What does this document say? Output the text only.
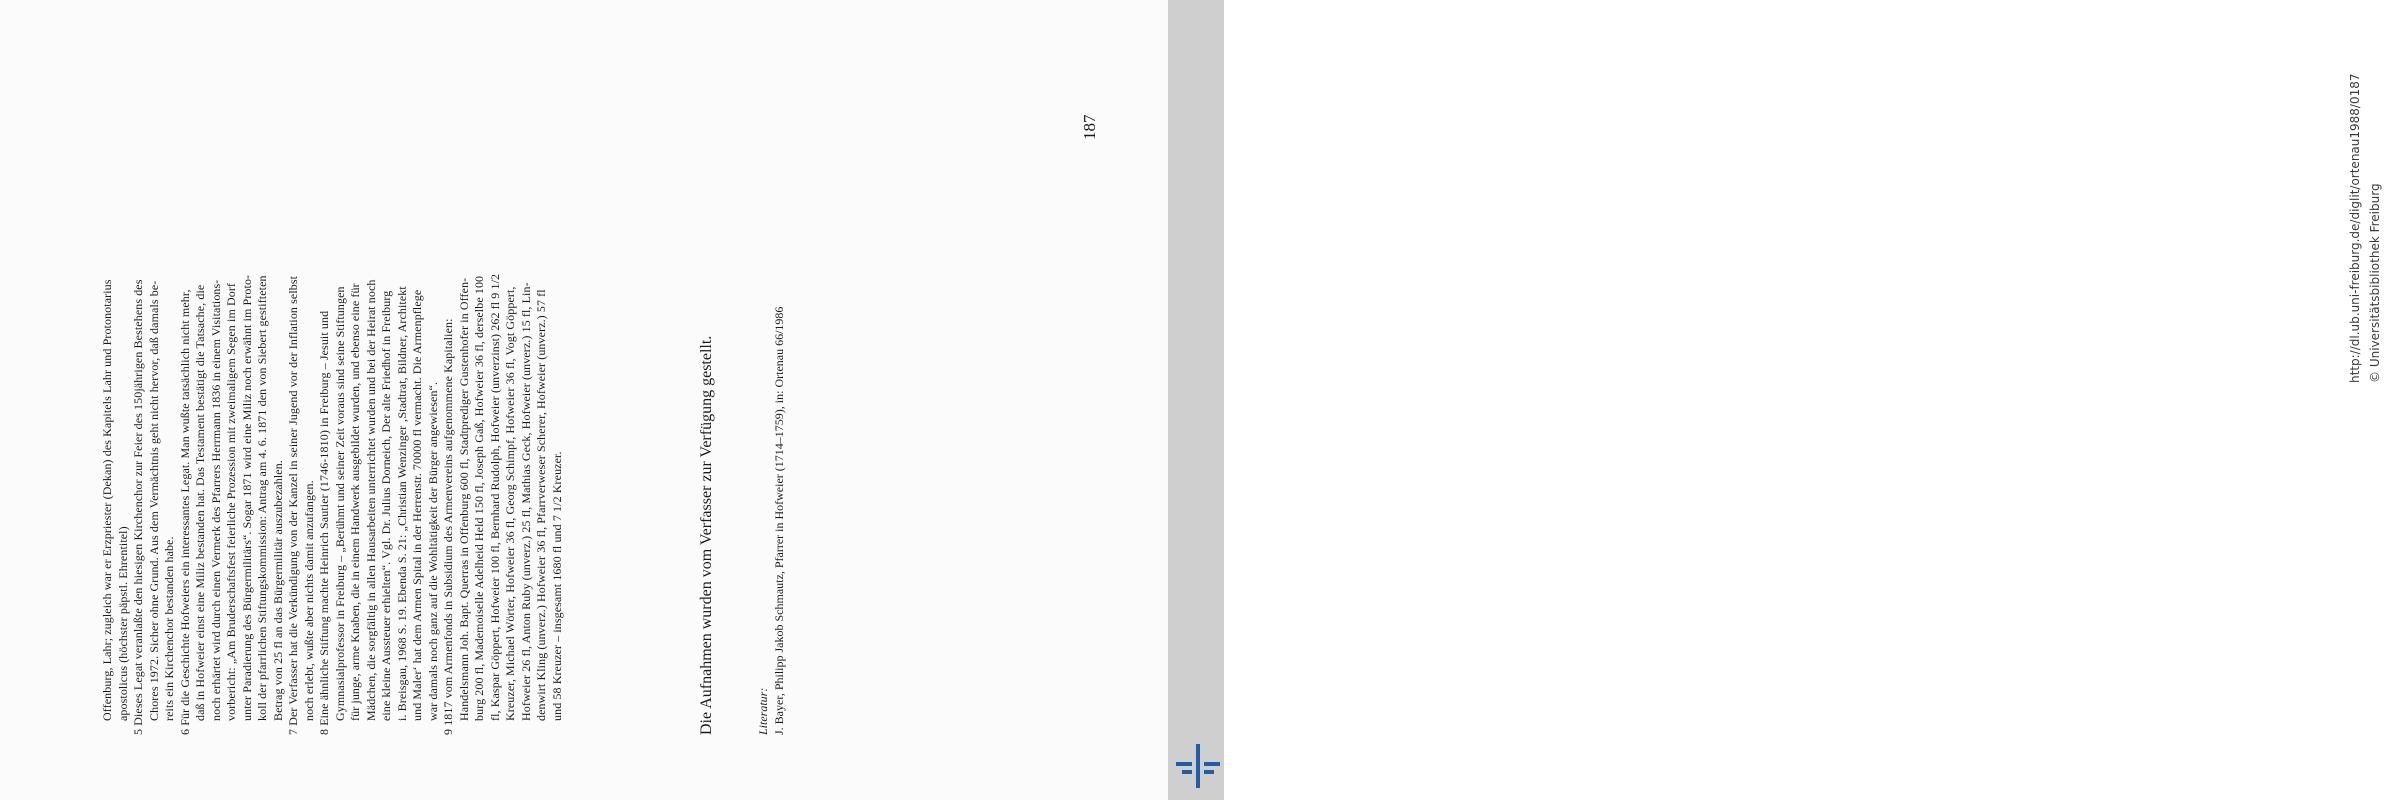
Offenburg, Lahr; zugleich war er Erzpriester (Dekan) des Kapitels Lahr und Protonotarius apostolicus (höchster päpstl. Ehrentitel) 5 Dieses Legat veranlaßte den hiesigen Kirchenchor zur Feier des 150jährigen Bestehens des Chores 1972. Sicher ohne Grund. Aus dem Vermächtnis geht nicht hervor, daß damals be- reits ein Kirchenchor bestanden habe. 6 Für die Geschichte Hofweiers ein interessantes Legat. Man wußte tatsächlich nicht mehr, daß in Hofweier einst eine Miliz bestanden hat. Das Testament bestätigt die Tatsache, die noch erhärtet wird durch einen Vermerk des Pfarrers Herrmann 1836 in einem Visitations- vorbericht: „Am Bruderschaftsfest feierliche Prozession mit zweimaligem Segen im Dorf unter Paradierung des Bürgermilitärs“. Sogar 1871 wird eine Miliz noch erwähnt im Proto- koll der pfarrlichen Stiftungskommission: Antrag am 4. 6. 1871 den von Siebert gestifteten Betrag von 25 fl an das Bürgermilitär auszubezahlen. 7 Der Verfasser hat die Verkündigung von der Kanzel in seiner Jugend vor der Inflation selbst noch erlebt, wußte aber nichts damit anzufangen. 8 Eine ähnliche Stiftung machte Heinrich Sautier (1746-1810) in Freiburg – Jesuit und Gymnasialprofessor in Freiburg – „Berühmt und seiner Zeit voraus sind seine Stiftungen für junge, arme Knaben, die in einem Handwerk ausgebildet wurden, und ebenso eine für Mädchen, die sorgfältig in allen Hausarbeiten unterrichtet wurden und bei der Heirat noch eine kleine Aussteuer erhielten“. Vgl. Dr. Julius Dorneich, Der alte Friedhof in Freiburg i. Breisgau, 1968 S. 19. Ebenda S. 21: „Christian Wenzinger ‚Stadtrat, Bildner, Architekt und Maler‘ hat dem Armen Spital in der Herrenstr. 70000 fl vermacht. Die Armenpflege war damals noch ganz auf die Wohltätigkeit der Bürger angewiesen“. 9 1817 vom Armenfonds in Subsidium des Armenvereins aufgenommene Kapitalien: Handelsmann Joh. Bapt. Querras in Offenburg 600 fl, Stadtprediger Gustenhofer in Offen- burg 200 fl, Mademoiselle Adelheid Held 150 fl, Joseph Gaß, Hofweier 36 fl, derselbe 100 fl, Kaspar Göppert, Hofweier 100 fl, Bernhard Rudolph, Hofweier (unverzinst) 262 fl 9 1/2 Kreuzer, Michael Wörter, Hofweier 36 fl, Georg Schimpf, Hofweier 36 fl, Vogt Göppert, Hofweier 26 fl, Anton Ruby (unverz.) 25 fl, Mathias Geck, Hofweier (unverz.) 15 fl, Lin- denwirt Kling (unverz.) Hofweier 36 fl, Pfarrverweser Scherer, Hofweier (unverz.) 57 fl und 58 Kreuzer – insgesamt 1680 fl und 7 1/2 Kreuzer.	Die Aufnahmen wurden vom Verfasser zur Verfügung gestellt.	Literatur: J. Bayer, Philipp Jakob Schmautz, Pfarrer in Hofweier (1714–1759), in: Ortenau 66/1986
187	http://dl.ub.uni-freiburg.de/diglit/ortenau1988/0187 © Universitätsbibliothek Freiburg
